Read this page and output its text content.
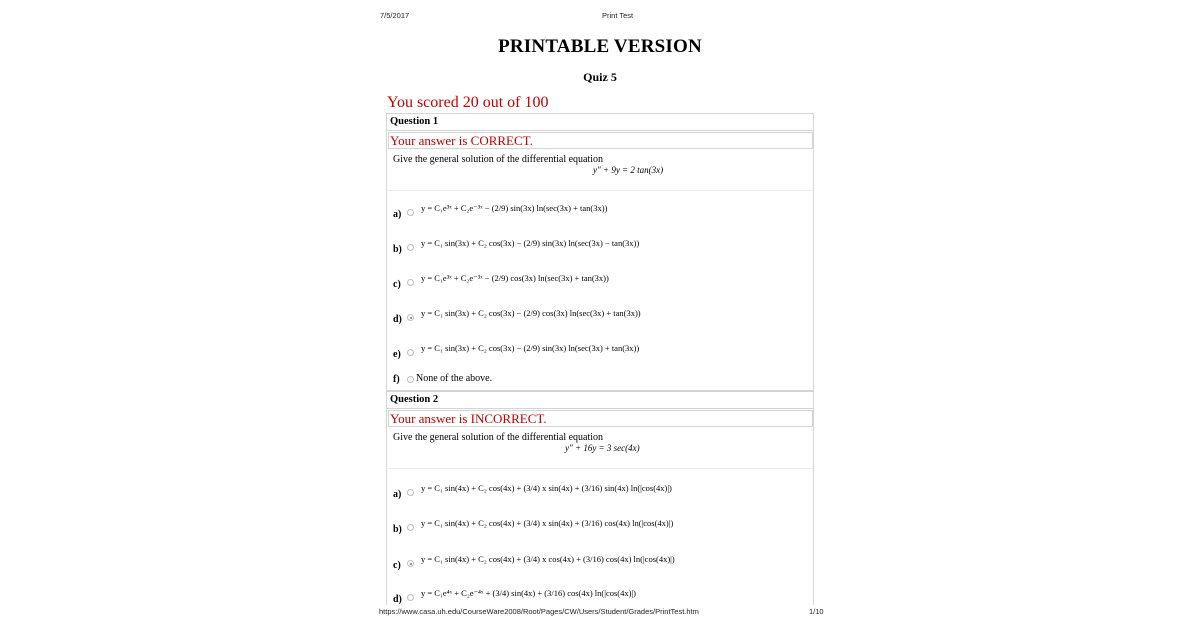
7/5/2017	Print Test
PRINTABLE VERSION
Quiz 5
You scored 20 out of 100
Question 1
Your answer is CORRECT.
Give the general solution of the differential equation
y″ + 9y = 2 tan(3x)
a)
y = C₁e³ˣ + C₂e⁻³ˣ − (2/9) sin(3x) ln(sec(3x) + tan(3x))
b)
y = C₁ sin(3x) + C₂ cos(3x) − (2/9) sin(3x) ln(sec(3x) − tan(3x))
c)
y = C₁e³ˣ + C₂e⁻³ˣ − (2/9) cos(3x) ln(sec(3x) + tan(3x))
d)
y = C₁ sin(3x) + C₂ cos(3x) − (2/9) cos(3x) ln(sec(3x) + tan(3x))
e)
y = C₁ sin(3x) + C₂ cos(3x) − (2/9) sin(3x) ln(sec(3x) + tan(3x))
f) None of the above.
Question 2
Your answer is INCORRECT.
Give the general solution of the differential equation
y″ + 16y = 3 sec(4x)
a)
y = C₁ sin(4x) + C₂ cos(4x) + (3/4) x sin(4x) + (3/16) sin(4x) ln(|cos(4x)|)
b)
y = C₁ sin(4x) + C₂ cos(4x) + (3/4) x sin(4x) + (3/16) cos(4x) ln(|cos(4x)|)
c)
y = C₁ sin(4x) + C₂ cos(4x) + (3/4) x cos(4x) + (3/16) cos(4x) ln(|cos(4x)|)
d)
y = C₁e⁴ˣ + C₂e⁻⁴ˣ + (3/4) sin(4x) + (3/16) cos(4x) ln(|cos(4x)|)
https://www.casa.uh.edu/CourseWare2008/Root/Pages/CW/Users/Student/Grades/PrintTest.htm	1/10
